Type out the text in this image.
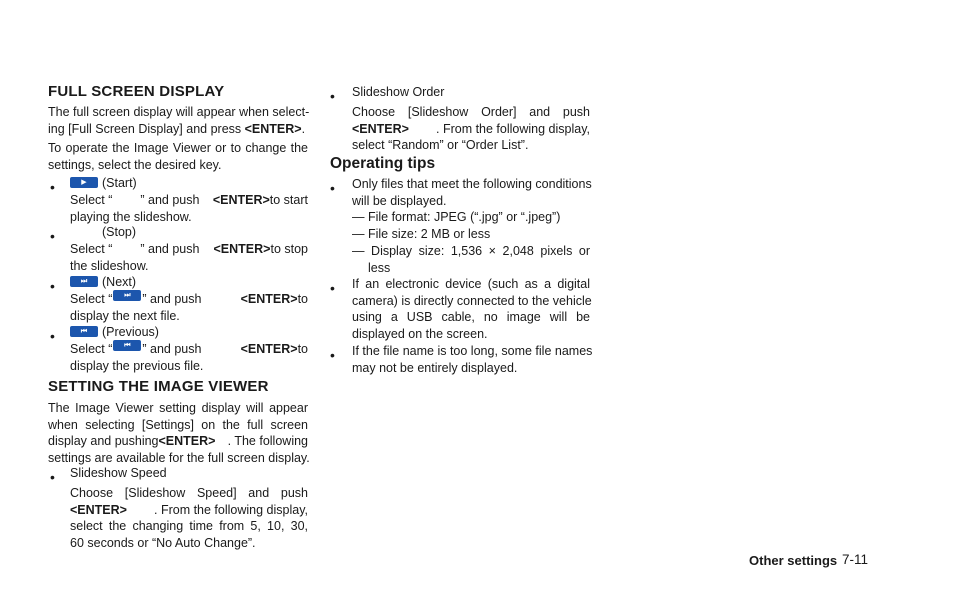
FULL SCREEN DISPLAY
The full screen display will appear when select-
ing [Full Screen Display] and press <ENTER>.
To operate the Image Viewer or to change the
settings, select the desired key.
•	▶ (Start)
Select “ ” and push <ENTER> to start
playing the slideshow.
•	(Stop)
Select “ ” and push <ENTER> to stop
the slideshow.
•	⏭ (Next)
Select “	⏭ ” and push	<ENTER> to
display the next file.
•	⏮ (Previous)
Select “	⏮ ” and push	<ENTER> to
display the previous file.
SETTING THE IMAGE VIEWER
The Image Viewer setting display will appear
when selecting [Settings] on the full screen
display and pushing <ENTER> . The following
settings are available for the full screen display.
• Slideshow Speed
Choose [Slideshow Speed] and push
<ENTER>	. From the following display,
select the changing time from 5, 10, 30,
60 seconds or “No Auto Change”.
• Slideshow Order
Choose [Slideshow Order] and push
<ENTER>	. From the following display,
select “Random” or “Order List”.
Operating tips
• Only files that meet the following conditions
will be displayed.
— File format: JPEG (“.jpg” or “.jpeg”)
— File size: 2 MB or less
— Display size: 1,536 × 2,048 pixels or
less
• If an electronic device (such as a digital
camera) is directly connected to the vehicle
using a USB cable, no image will be
displayed on the screen.
• If the file name is too long, some file names
may not be entirely displayed.
Other settings 7-11
